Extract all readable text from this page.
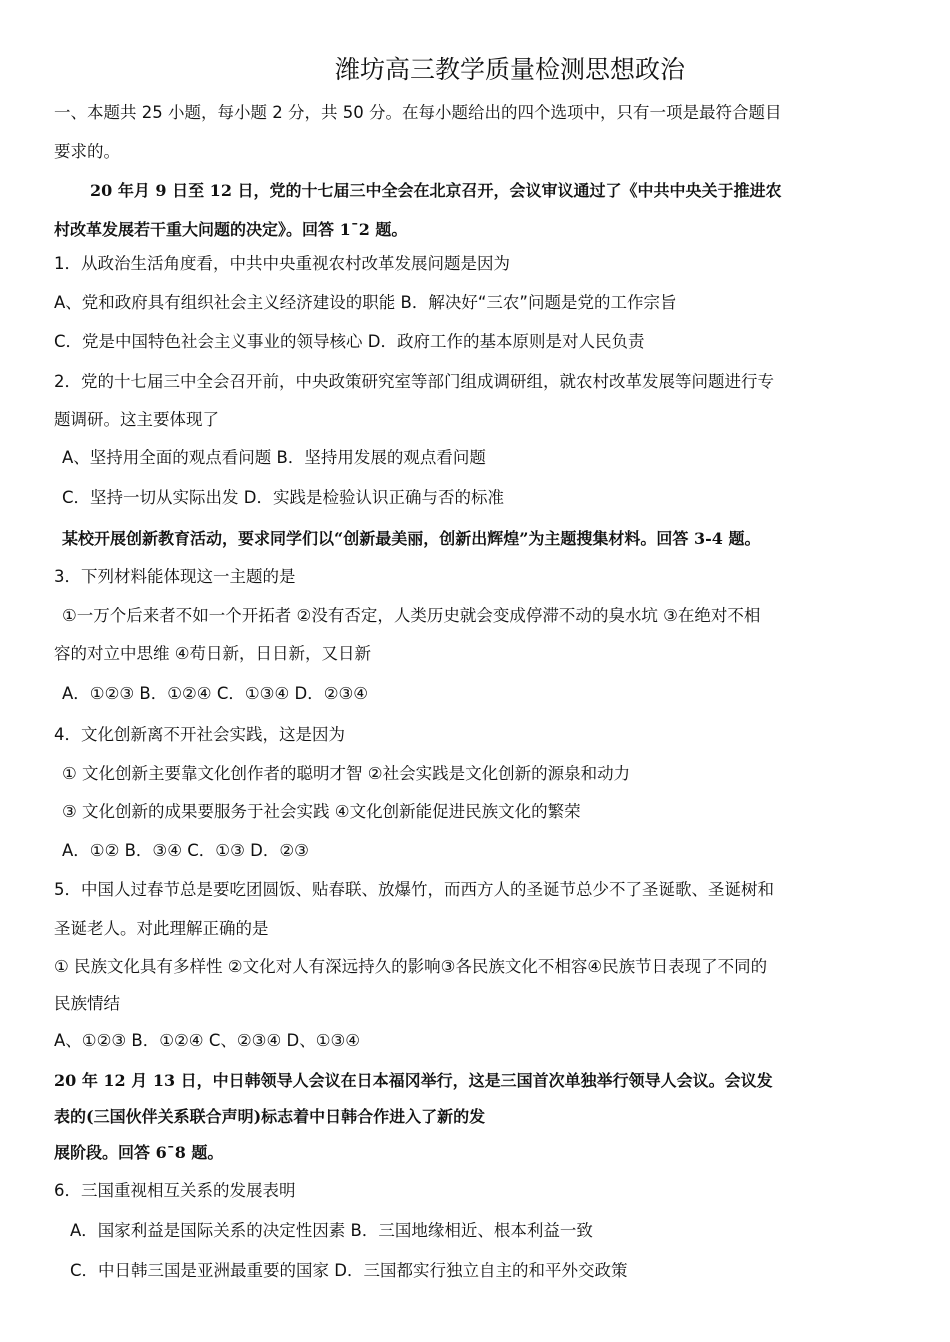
潍坊高三教学质量检测思想政治
一、本题共 25 小题，每小题 2 分，共 50 分。在每小题给出的四个选项中，只有一项是最符合题目
要求的。
20 年月 9 日至 12 日，党的十七届三中全会在北京召开，会议审议通过了《中共中央关于推进农
村改革发展若干重大问题的决定》。回答 1¯2 题。
1．从政治生活角度看，中共中央重视农村改革发展问题是因为
A、党和政府具有组织社会主义经济建设的职能 B．解决好“三农”问题是党的工作宗旨
C．党是中国特色社会主义事业的领导核心 D．政府工作的基本原则是对人民负责
2．党的十七届三中全会召开前，中央政策研究室等部门组成调研组，就农村改革发展等问题进行专
题调研。这主要体现了
A、坚持用全面的观点看问题 B．坚持用发展的观点看问题
C．坚持一切从实际出发 D．实践是检验认识正确与否的标准
某校开展创新教育活动，要求同学们以“创新最美丽，创新出辉煌”为主题搜集材料。回答 3-4 题。
3．下列材料能体现这一主题的是
①一万个后来者不如一个开拓者 ②没有否定，人类历史就会变成停滞不动的臭水坑 ③在绝对不相
容的对立中思维 ④苟日新，日日新，又日新
A．①②③ B．①②④ C．①③④ D．②③④
4．文化创新离不开社会实践，这是因为
① 文化创新主要靠文化创作者的聪明才智 ②社会实践是文化创新的源泉和动力
③ 文化创新的成果要服务于社会实践 ④文化创新能促进民族文化的繁荣
A．①② B．③④ C．①③ D．②③
5．中国人过春节总是要吃团圆饭、贴春联、放爆竹，而西方人的圣诞节总少不了圣诞歌、圣诞树和
圣诞老人。对此理解正确的是
① 民族文化具有多样性 ②文化对人有深远持久的影响③各民族文化不相容④民族节日表现了不同的
民族情结
A、①②③ B．①②④ C、②③④ D、①③④
20 年 12 月 13 日，中日韩领导人会议在日本福冈举行，这是三国首次单独举行领导人会议。会议发
表的(三国伙伴关系联合声明)标志着中日韩合作进入了新的发
展阶段。回答 6¯8 题。
6．三国重视相互关系的发展表明
A．国家利益是国际关系的决定性因素 B．三国地缘相近、根本利益一致
C．中日韩三国是亚洲最重要的国家 D．三国都实行独立自主的和平外交政策
